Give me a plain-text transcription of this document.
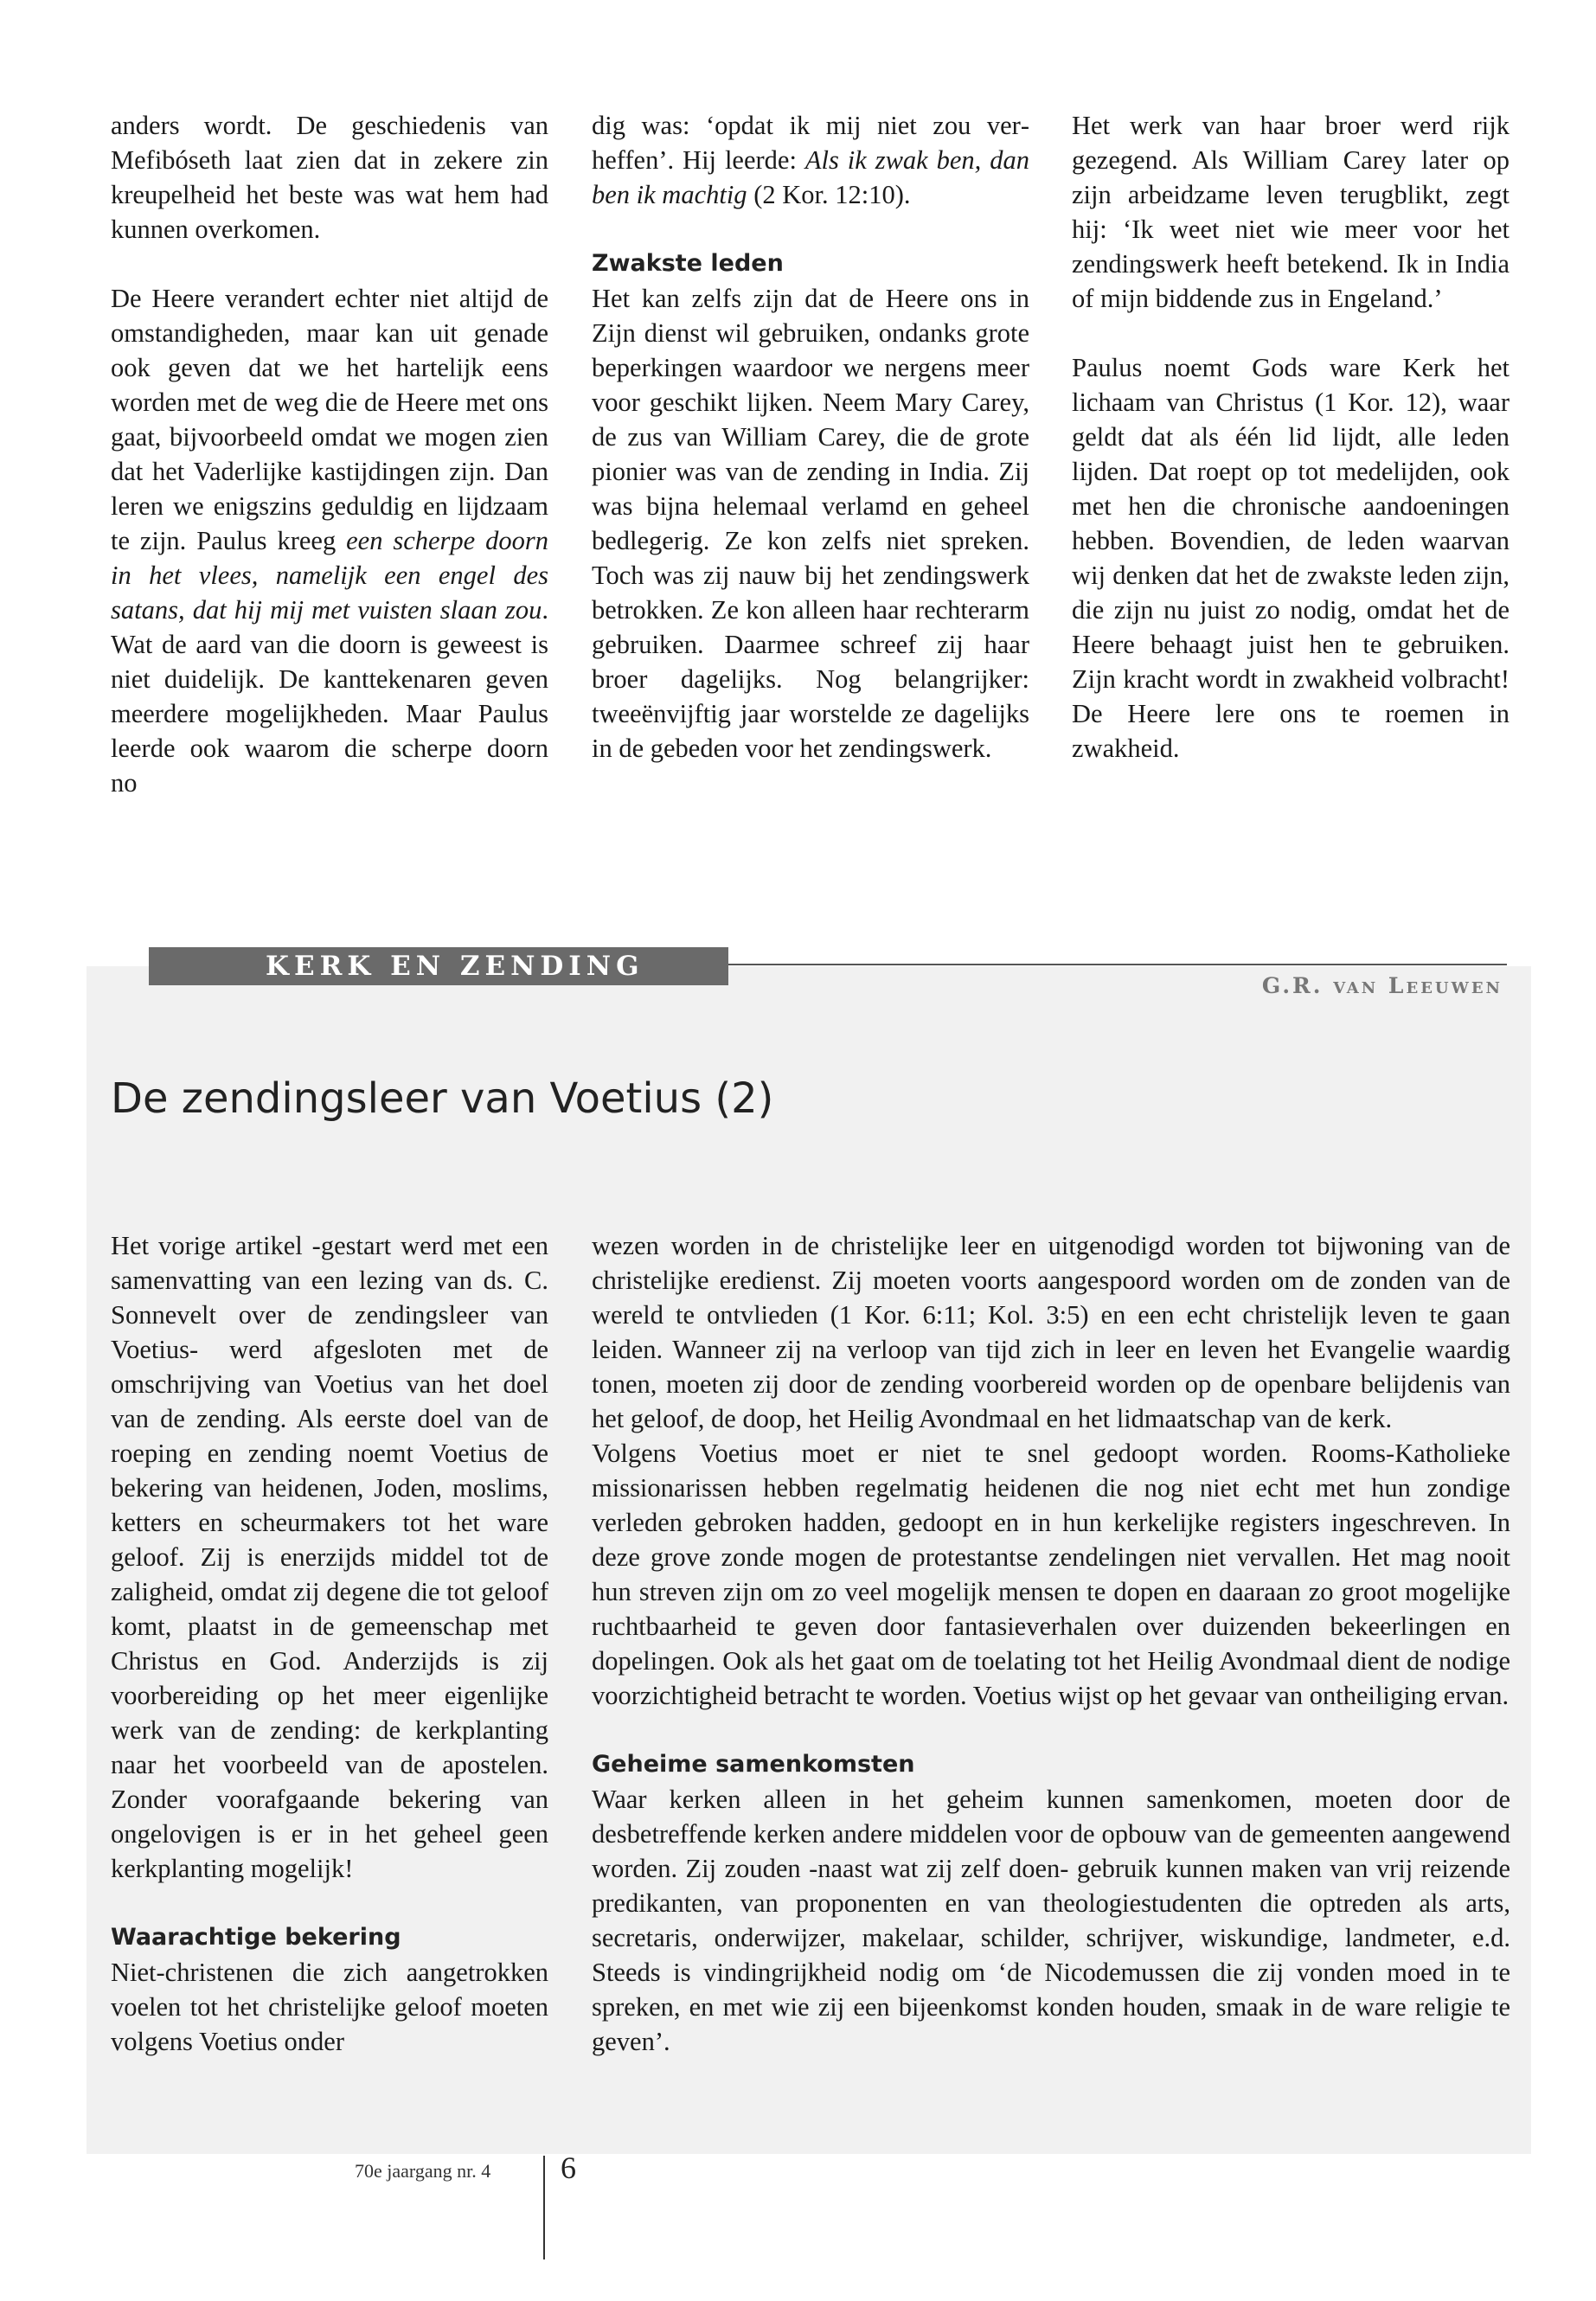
anders wordt. De geschiedenis van Mefibóseth laat zien dat in zekere zin kreupelheid het beste was wat hem had kunnen overkomen.

De Heere verandert echter niet altijd de omstandigheden, maar kan uit genade ook geven dat we het hartelijk eens worden met de weg die de Heere met ons gaat, bijvoorbeeld omdat we mogen zien dat het Vaderlijke kastijdingen zijn. Dan leren we enigszins geduldig en lijdzaam te zijn. Paulus kreeg een scherpe doorn in het vlees, namelijk een engel des satans, dat hij mij met vuisten slaan zou. Wat de aard van die doorn is geweest is niet duidelijk. De kanttekenaren geven meerdere mogelijkheden. Maar Paulus leerde ook waarom die scherpe doorn no

dig was: ‘opdat ik mij niet zou verheffen’. Hij leerde: Als ik zwak ben, dan ben ik machtig (2 Kor. 12:10).

Zwakste leden

Het kan zelfs zijn dat de Heere ons in Zijn dienst wil gebruiken, ondanks grote beperkingen waardoor we nergens meer voor geschikt lijken. Neem Mary Carey, de zus van William Carey, die de grote pionier was van de zending in India. Zij was bijna helemaal verlamd en geheel bedlegerig. Ze kon zelfs niet spreken. Toch was zij nauw bij het zendingswerk betrokken. Ze kon alleen haar rechterarm gebruiken. Daarmee schreef zij haar broer dagelijks. Nog belangrijker: tweeënvijftig jaar worstelde ze dagelijks in de gebeden voor het zendingswerk.

Het werk van haar broer werd rijk gezegend. Als William Carey later op zijn arbeidzame leven terugblikt, zegt hij: ‘Ik weet niet wie meer voor het zendingswerk heeft betekend. Ik in India of mijn biddende zus in Engeland.’

Paulus noemt Gods ware Kerk het lichaam van Christus (1 Kor. 12), waar geldt dat als één lid lijdt, alle leden lijden. Dat roept op tot medelijden, ook met hen die chronische aandoeningen hebben. Bovendien, de leden waarvan wij denken dat het de zwakste leden zijn, die zijn nu juist zo nodig, omdat het de Heere behaagt juist hen te gebruiken. Zijn kracht wordt in zwakheid volbracht! De Heere lere ons te roemen in zwakheid.

KERK EN ZENDING
G.R. van Leeuwen
De zendingsleer van Voetius (2)

Het vorige artikel -gestart werd met een samenvatting van een lezing van ds. C. Sonnevelt over de zendingsleer van Voetius- werd afgesloten met de omschrijving van Voetius van het doel van de zending. Als eerste doel van de roeping en zending noemt Voetius de bekering van heidenen, Joden, moslims, ketters en scheurmakers tot het ware geloof. Zij is enerzijds middel tot de zaligheid, omdat zij degene die tot geloof komt, plaatst in de gemeenschap met Christus en God. Anderzijds is zij voorbereiding op het meer eigenlijke werk van de zending: de kerkplanting naar het voorbeeld van de apostelen. Zonder voorafgaande bekering van ongelovigen is er in het geheel geen kerkplanting mogelijk!

Waarachtige bekering

Niet-christenen die zich aangetrokken voelen tot het christelijke geloof moeten volgens Voetius onder

wezen worden in de christelijke leer en uitgenodigd worden tot bijwoning van de christelijke eredienst. Zij moeten voorts aangespoord worden om de zonden van de wereld te ontvlieden (1 Kor. 6:11; Kol. 3:5) en een echt christelijk leven te gaan leiden. Wanneer zij na verloop van tijd zich in leer en leven het Evangelie waardig tonen, moeten zij door de zending voorbereid worden op de openbare belijdenis van het geloof, de doop, het Heilig Avondmaal en het lidmaatschap van de kerk.

Volgens Voetius moet er niet te snel gedoopt worden. Rooms-Katholieke missionarissen hebben regelmatig heidenen die nog niet echt met hun zondige verleden gebroken hadden, gedoopt en in hun kerkelijke registers ingeschreven. In deze grove zonde mogen de protestantse zendelingen niet vervallen. Het mag nooit hun streven zijn om zo veel mogelijk mensen te dopen en daaraan zo groot mogelijke ruchtbaarheid te geven door fantasieverhalen over duizenden bekeerlingen en dopelingen. Ook als het gaat om de toelating tot het Heilig Avondmaal dient de nodige voorzichtigheid betracht te worden. Voetius wijst op het gevaar van ontheiliging ervan.

Geheime samenkomsten

Waar kerken alleen in het geheim kunnen samenkomen, moeten door de desbetreffende kerken andere middelen voor de opbouw van de gemeenten aangewend worden. Zij zouden -naast wat zij zelf doen- gebruik kunnen maken van vrij reizende predikanten, van proponenten en van theologiestudenten die optreden als arts, secretaris, onderwijzer, makelaar, schilder, schrijver, wiskundige, landmeter, e.d. Steeds is vindingrijkheid nodig om ‘de Nicodemussen die zij vonden moed in te spreken, en met wie zij een bijeenkomst konden houden, smaak in de ware religie te geven’.

70e jaargang nr. 4 6
